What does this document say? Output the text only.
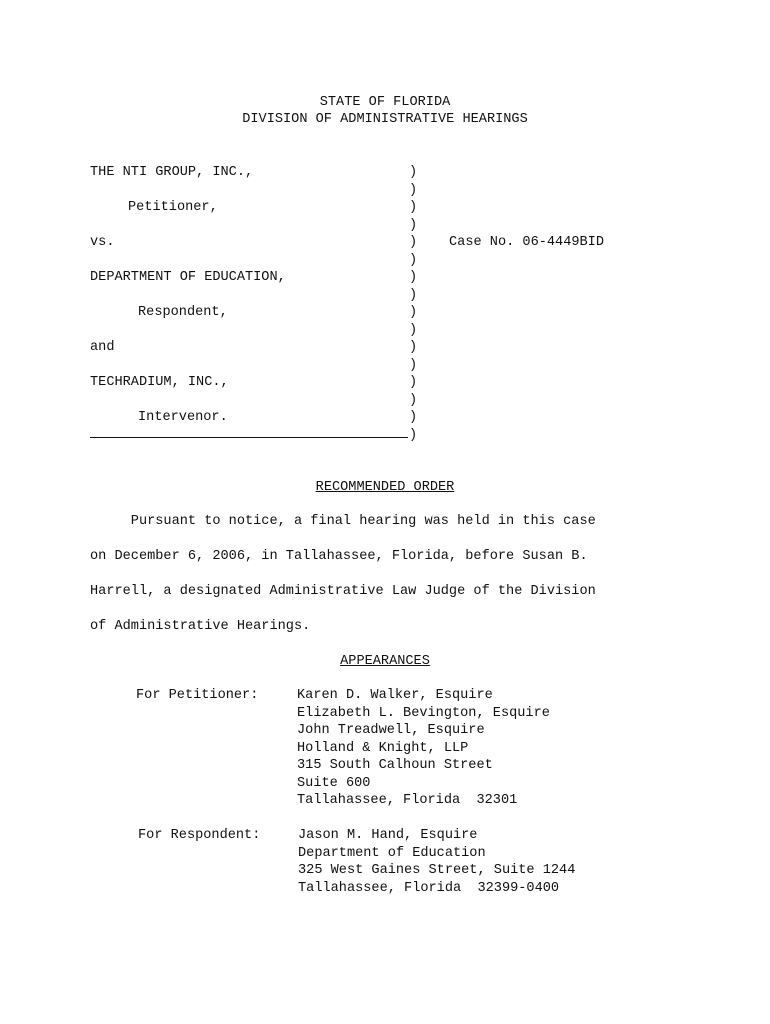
STATE OF FLORIDA
DIVISION OF ADMINISTRATIVE HEARINGS
THE NTI GROUP, INC.,
Petitioner,
vs.
DEPARTMENT OF EDUCATION,
Respondent,
and
TECHRADIUM, INC.,
Intervenor.
)
)
)
)
)
)
)
)
)
)
)
)
)
)
)
)
Case No. 06-4449BID
RECOMMENDED ORDER
Pursuant to notice, a final hearing was held in this case
on December 6, 2006, in Tallahassee, Florida, before Susan B.
Harrell, a designated Administrative Law Judge of the Division
of Administrative Hearings.
APPEARANCES
For Petitioner:	Karen D. Walker, Esquire
Elizabeth L. Bevington, Esquire
John Treadwell, Esquire
Holland & Knight, LLP
315 South Calhoun Street
Suite 600
Tallahassee, Florida  32301
For Respondent:	Jason M. Hand, Esquire
Department of Education
325 West Gaines Street, Suite 1244
Tallahassee, Florida  32399-0400
